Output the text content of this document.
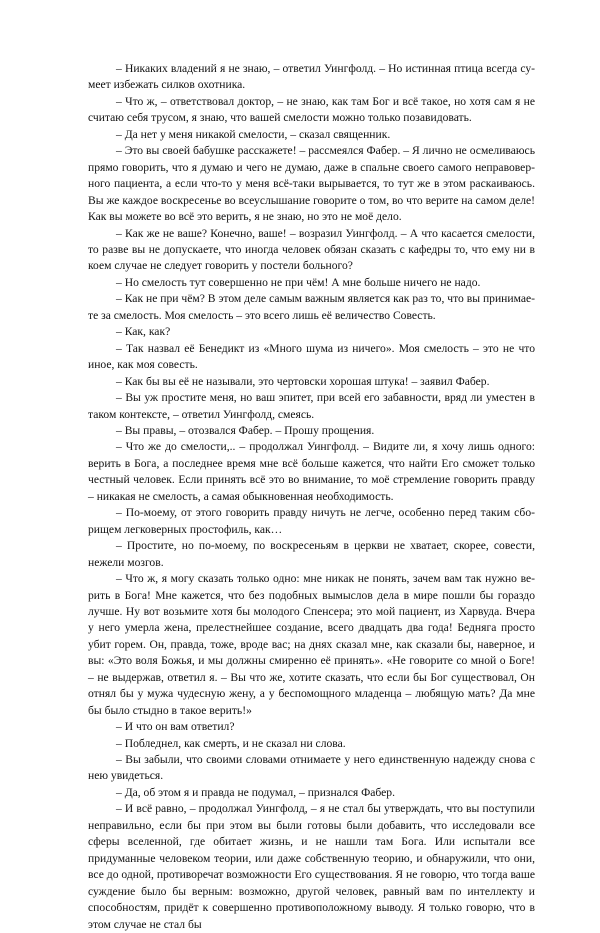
– Никаких владений я не знаю, – ответил Уингфолд. – Но истинная птица всегда сумеет избежать силков охотника.

– Что ж, – ответствовал доктор, – не знаю, как там Бог и всё такое, но хотя сам я не считаю себя трусом, я знаю, что вашей смелости можно только позавидовать.

– Да нет у меня никакой смелости, – сказал священник.

– Это вы своей бабушке расскажете! – рассмеялся Фабер. – Я лично не осмеливаюсь прямо говорить, что я думаю и чего не думаю, даже в спальне своего самого неправоверного пациента, а если что-то у меня всё-таки вырывается, то тут же в этом раскаиваюсь. Вы же каждое воскресенье во всеуслышание говорите о том, во что верите на самом деле! Как вы можете во всё это верить, я не знаю, но это не моё дело.

– Как же не ваше? Конечно, ваше! – возразил Уингфолд. – А что касается смелости, то разве вы не допускаете, что иногда человек обязан сказать с кафедры то, что ему ни в коем случае не следует говорить у постели больного?

– Но смелость тут совершенно не при чём! А мне больше ничего не надо.

– Как не при чём? В этом деле самым важным является как раз то, что вы принимаете за смелость. Моя смелость – это всего лишь её величество Совесть.

– Как, как?

– Так назвал её Бенедикт из «Много шума из ничего». Моя смелость – это не что иное, как моя совесть.

– Как бы вы её не называли, это чертовски хорошая штука! – заявил Фабер.

– Вы уж простите меня, но ваш эпитет, при всей его забавности, вряд ли уместен в таком контексте, – ответил Уингфолд, смеясь.

– Вы правы, – отозвался Фабер. – Прошу прощения.

– Что же до смелости,.. – продолжал Уингфолд. – Видите ли, я хочу лишь одного: верить в Бога, а последнее время мне всё больше кажется, что найти Его сможет только честный человек. Если принять всё это во внимание, то моё стремление говорить правду – никакая не смелость, а самая обыкновенная необходимость.

– По-моему, от этого говорить правду ничуть не легче, особенно перед таким сборищем легковерных простофиль, как…

– Простите, но по-моему, по воскресеньям в церкви не хватает, скорее, совести, нежели мозгов.

– Что ж, я могу сказать только одно: мне никак не понять, зачем вам так нужно верить в Бога! Мне кажется, что без подобных вымыслов дела в мире пошли бы гораздо лучше. Ну вот возьмите хотя бы молодого Спенсера; это мой пациент, из Харвуда. Вчера у него умерла жена, прелестнейшее создание, всего двадцать два года! Бедняга просто убит горем. Он, правда, тоже, вроде вас; на днях сказал мне, как сказали бы, наверное, и вы: «Это воля Божья, и мы должны смиренно её принять». «Не говорите со мной о Боге! – не выдержав, ответил я. – Вы что же, хотите сказать, что если бы Бог существовал, Он отнял бы у мужа чудесную жену, а у беспомощного младенца – любящую мать? Да мне бы было стыдно в такое верить!»

– И что он вам ответил?

– Побледнел, как смерть, и не сказал ни слова.

– Вы забыли, что своими словами отнимаете у него единственную надежду снова с нею увидеться.

– Да, об этом я и правда не подумал, – признался Фабер.

– И всё равно, – продолжал Уингфолд, – я не стал бы утверждать, что вы поступили неправильно, если бы при этом вы были готовы были добавить, что исследовали все сферы вселенной, где обитает жизнь, и не нашли там Бога. Или испытали все придуманные человеком теории, или даже собственную теорию, и обнаружили, что они, все до одной, противоречат возможности Его существования. Я не говорю, что тогда ваше суждение было бы верным: возможно, другой человек, равный вам по интеллекту и способностям, придёт к совершенно противоположному выводу. Я только говорю, что в этом случае не стал бы
